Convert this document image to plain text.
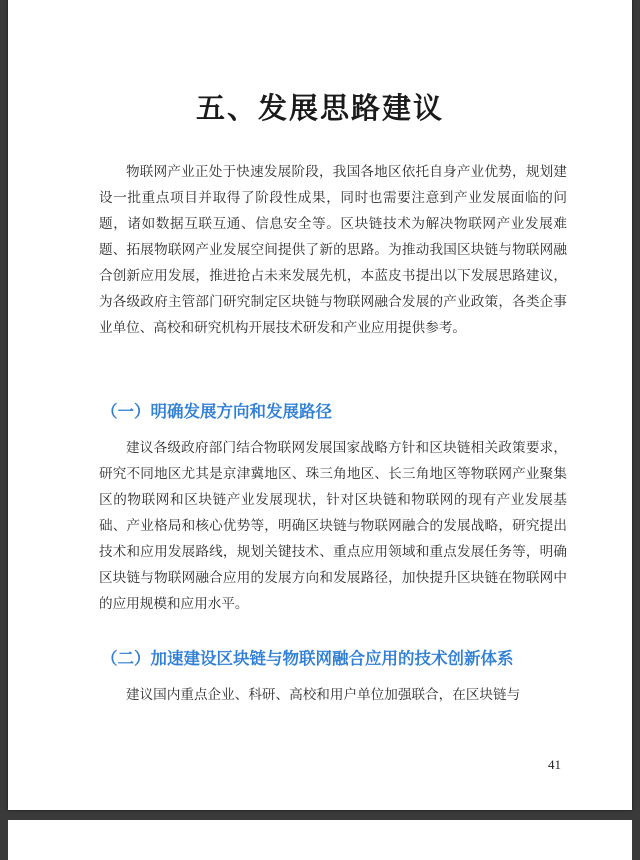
五、发展思路建议

物联网产业正处于快速发展阶段，我国各地区依托自身产业优势，规划建设一批重点项目并取得了阶段性成果，同时也需要注意到产业发展面临的问题，诸如数据互联互通、信息安全等。区块链技术为解决物联网产业发展难题、拓展物联网产业发展空间提供了新的思路。为推动我国区块链与物联网融合创新应用发展，推进抢占未来发展先机，本蓝皮书提出以下发展思路建议，为各级政府主管部门研究制定区块链与物联网融合发展的产业政策，各类企事业单位、高校和研究机构开展技术研发和产业应用提供参考。

（一）明确发展方向和发展路径

建议各级政府部门结合物联网发展国家战略方针和区块链相关政策要求，研究不同地区尤其是京津冀地区、珠三角地区、长三角地区等物联网产业聚集区的物联网和区块链产业发展现状，针对区块链和物联网的现有产业发展基础、产业格局和核心优势等，明确区块链与物联网融合的发展战略，研究提出技术和应用发展路线，规划关键技术、重点应用领域和重点发展任务等，明确区块链与物联网融合应用的发展方向和发展路径，加快提升区块链在物联网中的应用规模和应用水平。

（二）加速建设区块链与物联网融合应用的技术创新体系

建议国内重点企业、科研、高校和用户单位加强联合，在区块链与

41
